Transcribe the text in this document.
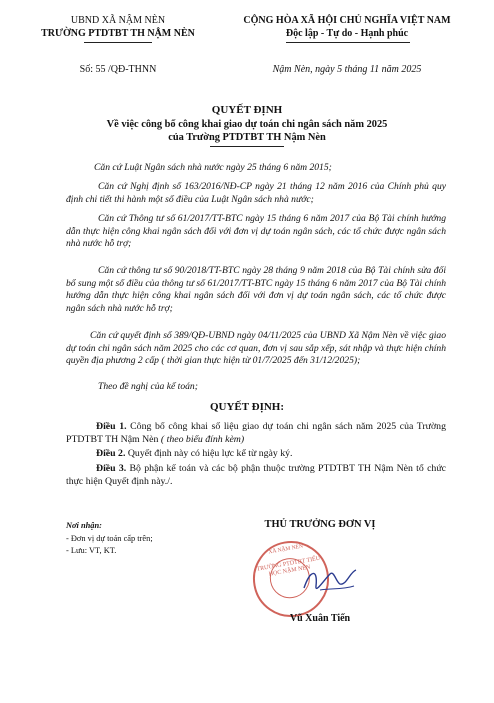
UBND XÃ NẬM NÈN
TRƯỜNG PTDTBT TH NẬM NÈN
Số: 55 /QĐ-THNN
CỘNG HÒA XÃ HỘI CHỦ NGHĨA VIỆT NAM
Độc lập - Tự do - Hạnh phúc
Nậm Nèn, ngày 5 tháng 11 năm 2025
QUYẾT ĐỊNH
Về việc công bố công khai giao dự toán chi ngân sách năm 2025
của Trường PTDTBT TH Nậm Nèn
Căn cứ Luật Ngân sách nhà nước ngày 25 tháng 6 năm 2015;
Căn cứ Nghị định số 163/2016/NĐ-CP ngày 21 tháng 12 năm 2016 của Chính phủ quy định chi tiết thi hành một số điều của Luật Ngân sách nhà nước;
Căn cứ Thông tư số 61/2017/TT-BTC ngày 15 tháng 6 năm 2017 của Bộ Tài chính hướng dẫn thực hiện công khai ngân sách đối với đơn vị dự toán ngân sách, các tổ chức được ngân sách nhà nước hỗ trợ;
Căn cứ thông tư số 90/2018/TT-BTC ngày 28 tháng 9 năm 2018 của Bộ Tài chính sửa đổi bổ sung một số điều của thông tư số 61/2017/TT-BTC ngày 15 tháng 6 năm 2017 của Bộ Tài chính hướng dẫn thực hiện công khai ngân sách đối với đơn vị dự toán ngân sách, các tổ chức được ngân sách nhà nước hỗ trợ;
Căn cứ quyết định số 389/QĐ-UBND ngày 04/11/2025 của UBND Xã Nậm Nèn về việc giao dự toán chi ngân sách năm 2025 cho các cơ quan, đơn vị sau sắp xếp, sát nhập và thực hiện chính quyền địa phương 2 cấp ( thời gian thực hiện từ 01/7/2025 đến 31/12/2025);
Theo đề nghị của kế toán;
QUYẾT ĐỊNH:
Điều 1. Công bố công khai số liệu giao dự toán chi ngân sách năm 2025 của Trường PTDTBT TH Nậm Nèn ( theo biểu đính kèm)
Điều 2. Quyết định này có hiệu lực kể từ ngày ký.
Điều 3. Bộ phận kế toán và các bộ phận thuộc trường PTDTBT TH Nậm Nèn tổ chức thực hiện Quyết định này./.
Nơi nhận:
- Đơn vị dự toán cấp trên;
- Lưu: VT, KT.
THỦ TRƯỞNG ĐƠN VỊ
XÃ NẬM NÈN
TRƯỜNG PTDTBT TIỂU HỌC NẬM NÈN
Vũ Xuân Tiến
